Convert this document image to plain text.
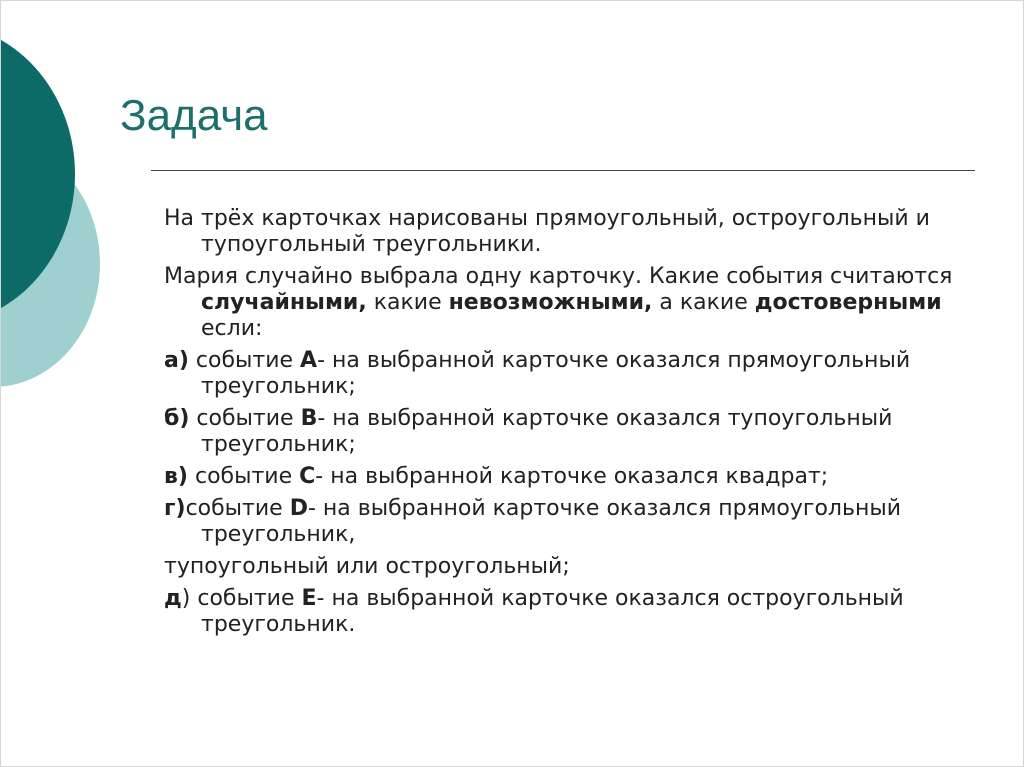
Задача
На трёх карточках нарисованы прямоугольный, остроугольный и тупоугольный треугольники.
Мария случайно выбрала одну карточку. Какие события считаются случайными, какие невозможными, а какие достоверными если:
а) событие А- на выбранной карточке оказался прямоугольный треугольник;
б) событие В- на выбранной карточке оказался тупоугольный треугольник;
в) событие С- на выбранной карточке оказался квадрат;
г)событие D- на выбранной карточке оказался прямоугольный треугольник,
тупоугольный или остроугольный;
д) событие Е- на выбранной карточке оказался остроугольный треугольник.
